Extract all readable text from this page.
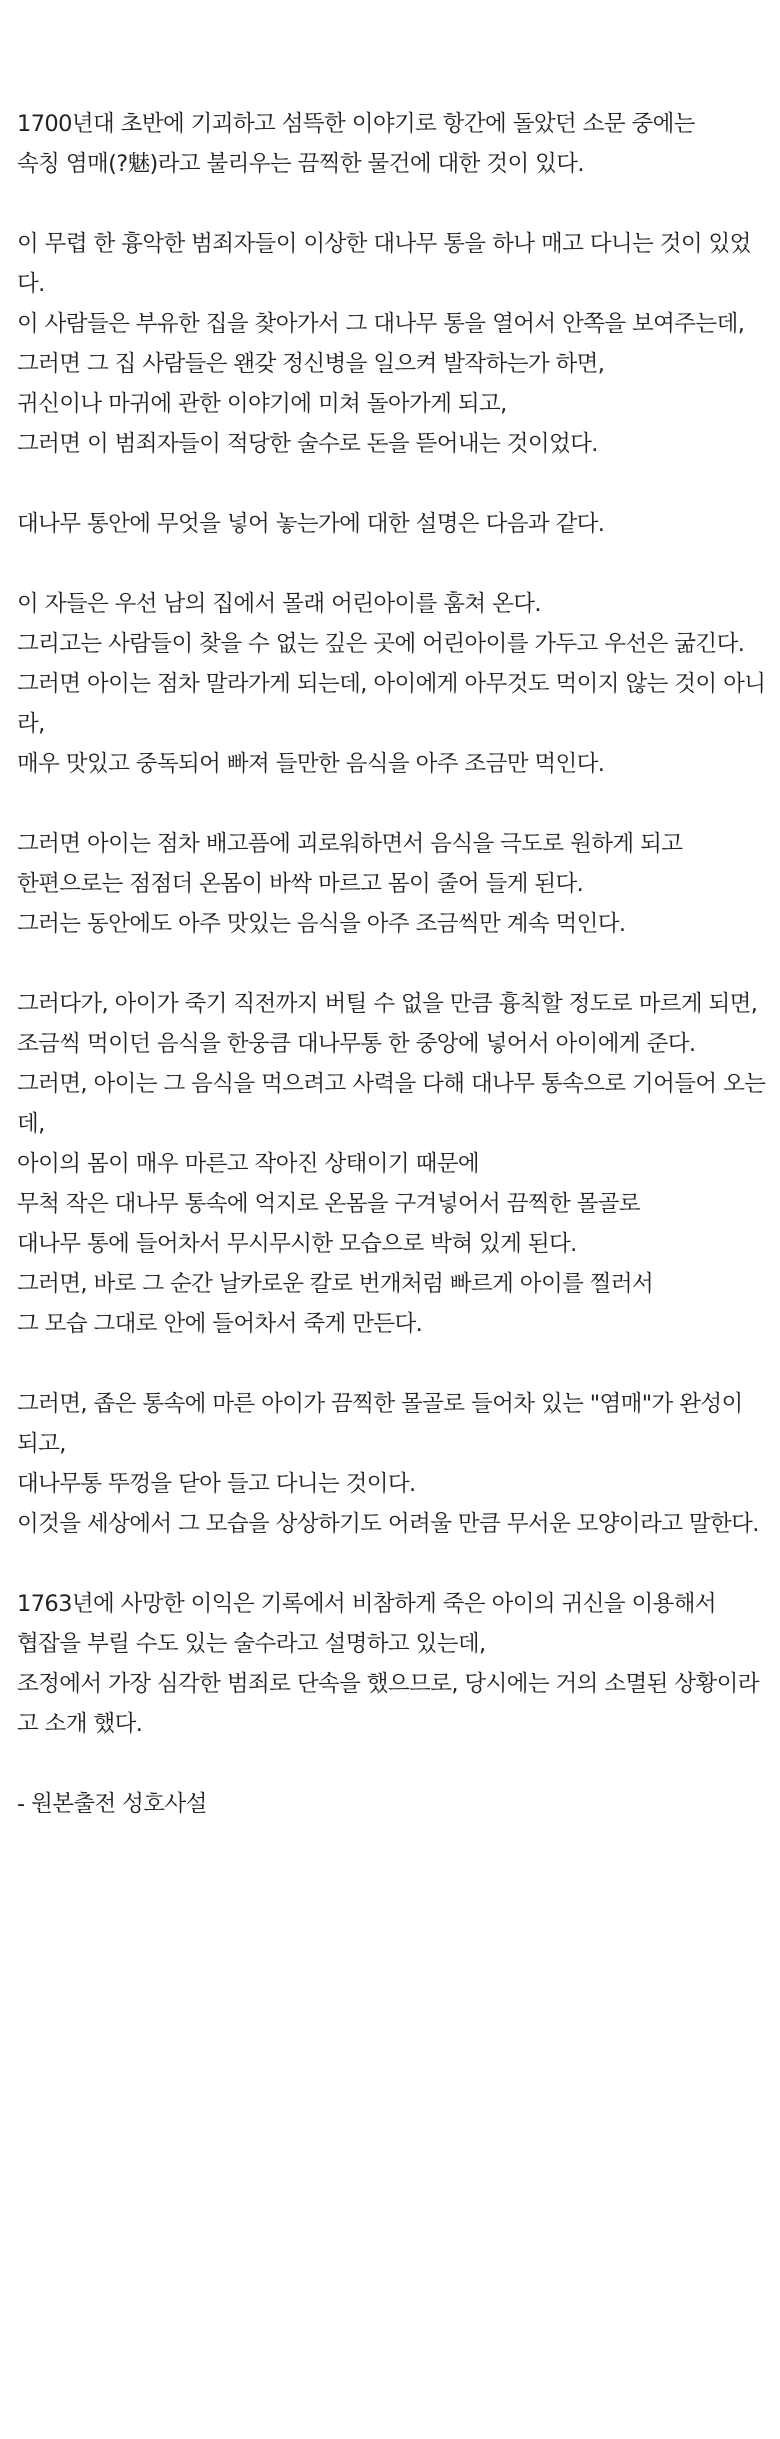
1700년대 초반에 기괴하고 섬뜩한 이야기로 항간에 돌았던 소문 중에는
속칭 염매(?魅)라고 불리우는 끔찍한 물건에 대한 것이 있다.

이 무렵 한 흉악한 범죄자들이 이상한 대나무 통을 하나 매고 다니는 것이 있었다.
이 사람들은 부유한 집을 찾아가서 그 대나무 통을 열어서 안쪽을 보여주는데,
그러면 그 집 사람들은 왠갖 정신병을 일으켜 발작하는가 하면,
귀신이나 마귀에 관한 이야기에 미쳐 돌아가게 되고,
그러면 이 범죄자들이 적당한 술수로 돈을 뜯어내는 것이었다.

대나무 통안에 무엇을 넣어 놓는가에 대한 설명은 다음과 같다.

이 자들은 우선 남의 집에서 몰래 어린아이를 훔쳐 온다.
그리고는 사람들이 찾을 수 없는 깊은 곳에 어린아이를 가두고 우선은 굶긴다.
그러면 아이는 점차 말라가게 되는데, 아이에게 아무것도 먹이지 않는 것이 아니라,
매우 맛있고 중독되어 빠져 들만한 음식을 아주 조금만 먹인다.

그러면 아이는 점차 배고픔에 괴로워하면서 음식을 극도로 원하게 되고
한편으로는 점점더 온몸이 바싹 마르고 몸이 줄어 들게 된다.
그러는 동안에도 아주 맛있는 음식을 아주 조금씩만 계속 먹인다.

그러다가, 아이가 죽기 직전까지 버틸 수 없을 만큼 흉칙할 정도로 마르게 되면,
조금씩 먹이던 음식을 한웅큼 대나무통 한 중앙에 넣어서 아이에게 준다.
그러면, 아이는 그 음식을 먹으려고 사력을 다해 대나무 통속으로 기어들어 오는데,
아이의 몸이 매우 마른고 작아진 상태이기 때문에
무척 작은 대나무 통속에 억지로 온몸을 구겨넣어서 끔찍한 몰골로
대나무 통에 들어차서 무시무시한 모습으로 박혀 있게 된다.
그러면, 바로 그 순간 날카로운 칼로 번개처럼 빠르게 아이를 찔러서
그 모습 그대로 안에 들어차서 죽게 만든다.

그러면, 좁은 통속에 마른 아이가 끔찍한 몰골로 들어차 있는 "염매"가 완성이 되고,
대나무통 뚜껑을 닫아 들고 다니는 것이다.
이것을 세상에서 그 모습을 상상하기도 어려울 만큼 무서운 모양이라고 말한다.

1763년에 사망한 이익은 기록에서 비참하게 죽은 아이의 귀신을 이용해서
협잡을 부릴 수도 있는 술수라고 설명하고 있는데,
조정에서 가장 심각한 범죄로 단속을 했으므로, 당시에는 거의 소멸된 상황이라고 소개 했다.

- 원본출전 성호사설
